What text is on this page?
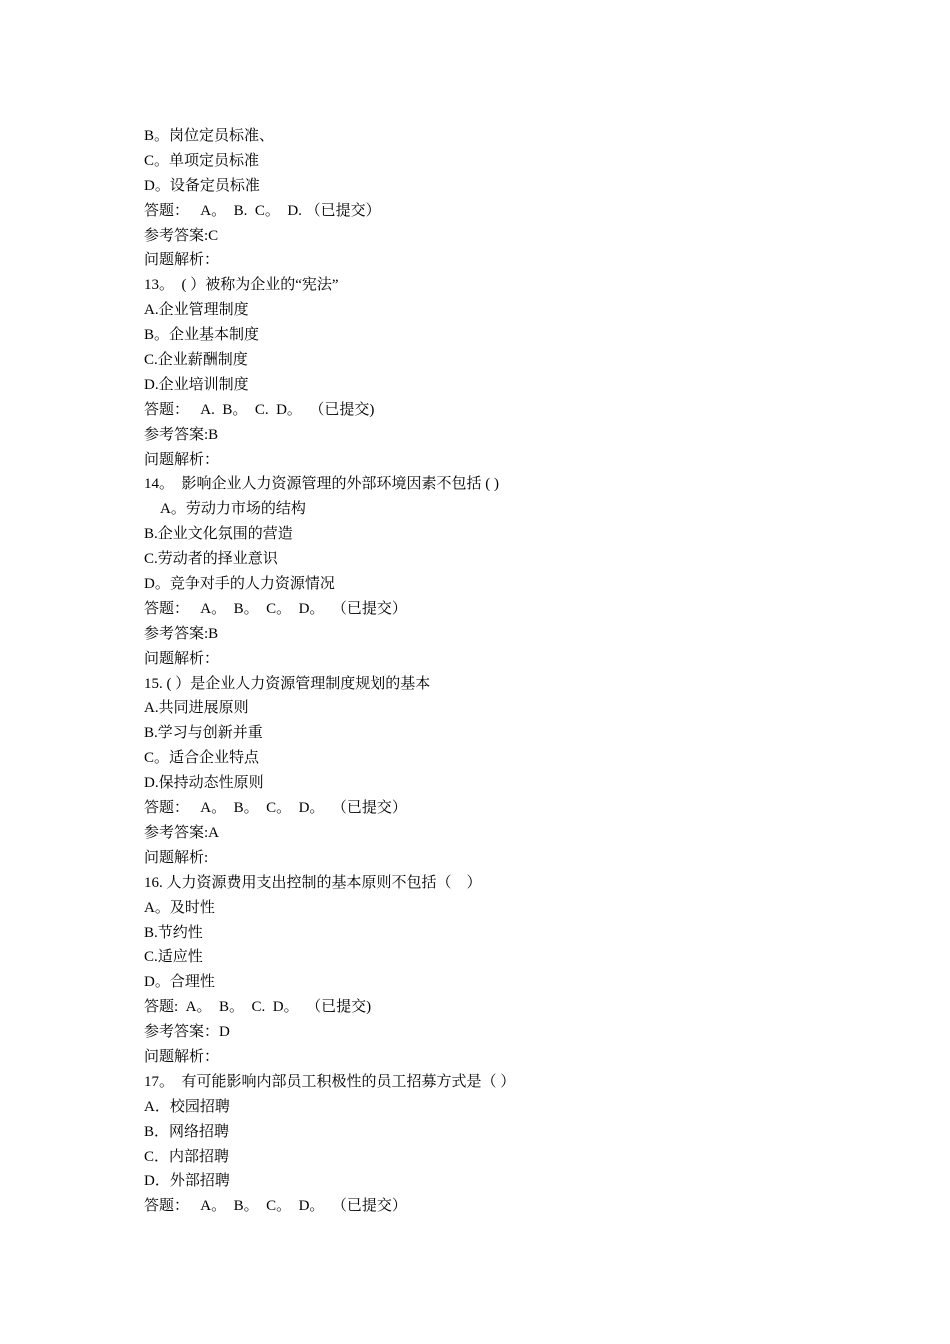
B。岗位定员标准、
C。单项定员标准
D。设备定员标准
答题：   A。  B.  C。  D. （已提交）
参考答案:C
问题解析：
13。  ( ）被称为企业的“宪法”
A.企业管理制度
B。企业基本制度
C.企业薪酬制度
D.企业培训制度
答题：   A.  B。  C.  D。  （已提交)
参考答案:B
问题解析：
14。  影响企业人力资源管理的外部环境因素不包括 ( )
A。劳动力市场的结构
B.企业文化氛围的营造
C.劳动者的择业意识
D。竞争对手的人力资源情况
答题：   A。  B。  C。  D。  （已提交）
参考答案:B
问题解析：
15. ( ）是企业人力资源管理制度规划的基本
A.共同进展原则
B.学习与创新并重
C。适合企业特点
D.保持动态性原则
答题：   A。  B。  C。  D。  （已提交）
参考答案:A
问题解析:
16. 人力资源费用支出控制的基本原则不包括（    ）
A。及时性
B.节约性
C.适应性
D。合理性
答题:  A。  B。  C.  D。  （已提交)
参考答案：D
问题解析：
17。  有可能影响内部员工积极性的员工招募方式是（ ）
A．校园招聘
B．网络招聘
C．内部招聘
D．外部招聘
答题：   A。  B。  C。  D。  （已提交）
